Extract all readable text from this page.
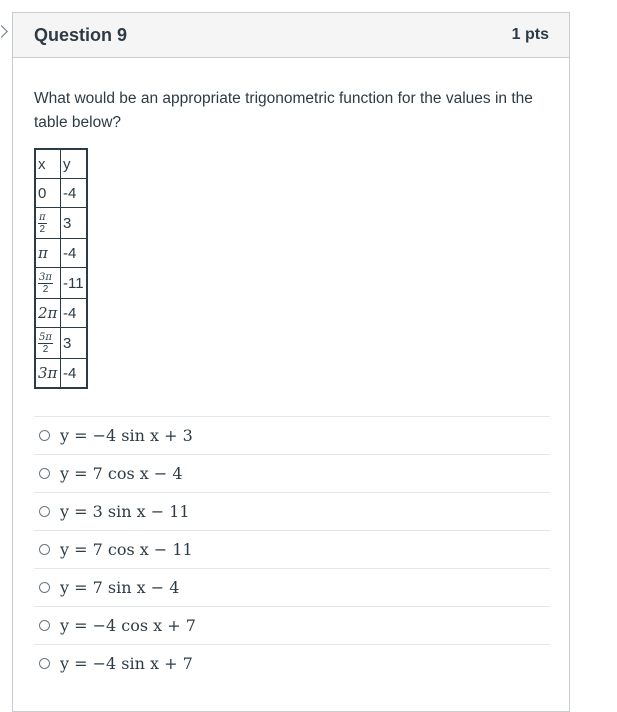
Question 9	1 pts
What would be an appropriate trigonometric function for the values in the table below?
x	y
0	-4

$\frac{\pi}{2}$	3
π	-4

$\frac{3\pi}{2}$	-11
2π	-4

$\frac{5\pi}{2}$	3
3π	-4
y = −4 sin x + 3
y = 7 cos x − 4
y = 3 sin x − 11
y = 7 cos x − 11
y = 7 sin x − 4
y = −4 cos x + 7
y = −4 sin x + 7
